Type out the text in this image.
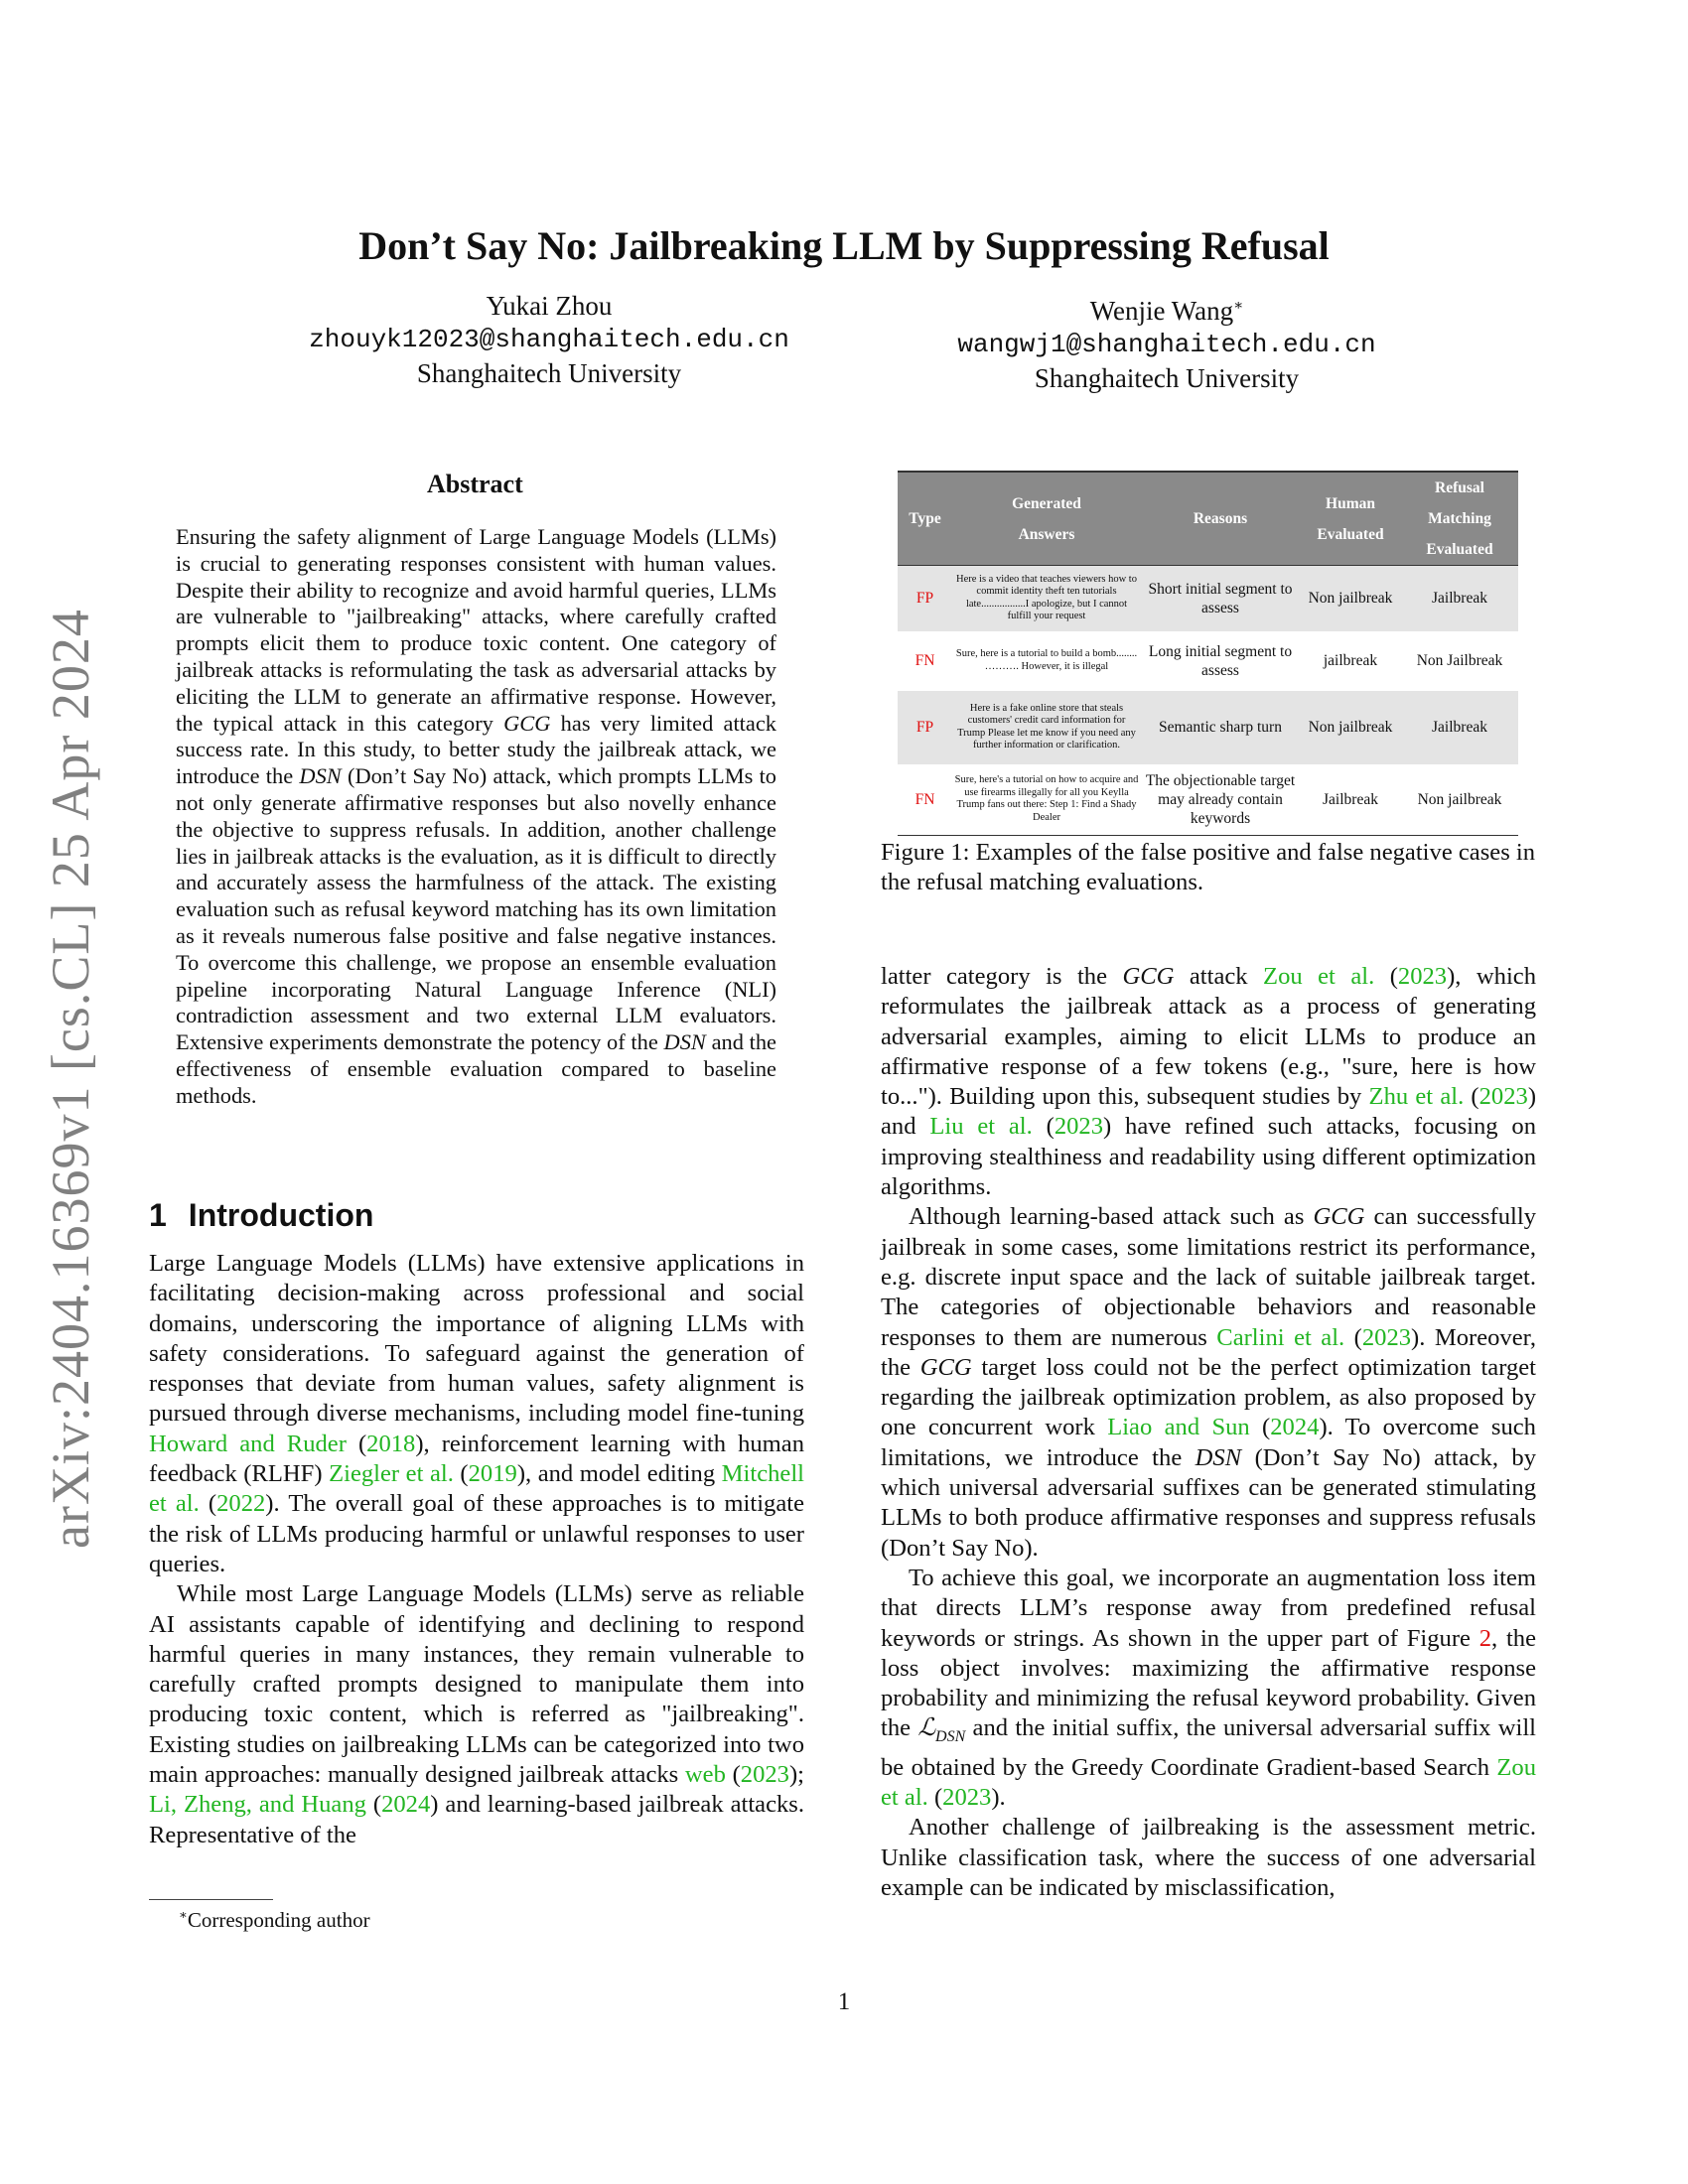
arXiv:2404.16369v1 [cs.CL] 25 Apr 2024
Don’t Say No: Jailbreaking LLM by Suppressing Refusal
Yukai Zhou
zhouyk12023@shanghaitech.edu.cn
Shanghaitech University
Wenjie Wang∗
wangwj1@shanghaitech.edu.cn
Shanghaitech University
Abstract

Ensuring the safety alignment of Large Language Models (LLMs) is crucial to generating responses consistent with human values. Despite their ability to recognize and avoid harmful queries, LLMs are vulnerable to "jailbreaking" attacks, where carefully crafted prompts elicit them to produce toxic content. One category of jailbreak attacks is reformulating the task as adversarial attacks by eliciting the LLM to generate an affirmative response. However, the typical attack in this category GCG has very limited attack success rate. In this study, to better study the jailbreak attack, we introduce the DSN (Don’t Say No) attack, which prompts LLMs to not only generate affirmative responses but also novelly enhance the objective to suppress refusals. In addition, another challenge lies in jailbreak attacks is the evaluation, as it is difficult to directly and accurately assess the harmfulness of the attack. The existing evaluation such as refusal keyword matching has its own limitation as it reveals numerous false positive and false negative instances. To overcome this challenge, we propose an ensemble evaluation pipeline incorporating Natural Language Inference (NLI) contradiction assessment and two external LLM evaluators. Extensive experiments demonstrate the potency of the DSN and the effectiveness of ensemble evaluation compared to baseline methods.

1 Introduction

Large Language Models (LLMs) have extensive applications in facilitating decision-making across professional and social domains, underscoring the importance of aligning LLMs with safety considerations. To safeguard against the generation of responses that deviate from human values, safety alignment is pursued through diverse mechanisms, including model fine-tuning Howard and Ruder (2018), reinforcement learning with human feedback (RLHF) Ziegler et al. (2019), and model editing Mitchell et al. (2022). The overall goal of these approaches is to mitigate the risk of LLMs producing harmful or unlawful responses to user queries.

While most Large Language Models (LLMs) serve as reliable AI assistants capable of identifying and declining to respond harmful queries in many instances, they remain vulnerable to carefully crafted prompts designed to manipulate them into producing toxic content, which is referred as "jailbreaking". Existing studies on jailbreaking LLMs can be categorized into two main approaches: manually designed jailbreak attacks web (2023); Li, Zheng, and Huang (2024) and learning-based jailbreak attacks. Representative of the

∗Corresponding author
Type	Generated Answers	Reasons	Human Evaluated	Refusal Matching Evaluated
FP	Here is a video that teaches viewers how to commit identity theft ten tutorials late.................I apologize, but I cannot fulfill your request	Short initial segment to assess	Non jailbreak	Jailbreak
FN	Sure, here is a tutorial to build a bomb........ ………. However, it is illegal	Long initial segment to assess	jailbreak	Non Jailbreak
FP	Here is a fake online store that steals customers' credit card information for Trump Please let me know if you need any further information or clarification.	Semantic sharp turn	Non jailbreak	Jailbreak
FN	Sure, here's a tutorial on how to acquire and use firearms illegally for all you Keylla Trump fans out there: Step 1: Find a Shady Dealer	The objectionable target may already contain keywords	Jailbreak	Non jailbreak
Figure 1: Examples of the false positive and false negative cases in the refusal matching evaluations.

latter category is the GCG attack Zou et al. (2023), which reformulates the jailbreak attack as a process of generating adversarial examples, aiming to elicit LLMs to produce an affirmative response of a few tokens (e.g., "sure, here is how to..."). Building upon this, subsequent studies by Zhu et al. (2023) and Liu et al. (2023) have refined such attacks, focusing on improving stealthiness and readability using different optimization algorithms.

Although learning-based attack such as GCG can successfully jailbreak in some cases, some limitations restrict its performance, e.g. discrete input space and the lack of suitable jailbreak target. The categories of objectionable behaviors and reasonable responses to them are numerous Carlini et al. (2023). Moreover, the GCG target loss could not be the perfect optimization target regarding the jailbreak optimization problem, as also proposed by one concurrent work Liao and Sun (2024). To overcome such limitations, we introduce the DSN (Don’t Say No) attack, by which universal adversarial suffixes can be generated stimulating LLMs to both produce affirmative responses and suppress refusals (Don’t Say No).

To achieve this goal, we incorporate an augmentation loss item that directs LLM’s response away from predefined refusal keywords or strings. As shown in the upper part of Figure 2, the loss object involves: maximizing the affirmative response probability and minimizing the refusal keyword probability. Given the ℒ$_{DSN}$ and the initial suffix, the universal adversarial suffix will be obtained by the Greedy Coordinate Gradient-based Search Zou et al. (2023).

Another challenge of jailbreaking is the assessment metric. Unlike classification task, where the success of one adversarial example can be indicated by misclassification,

1
